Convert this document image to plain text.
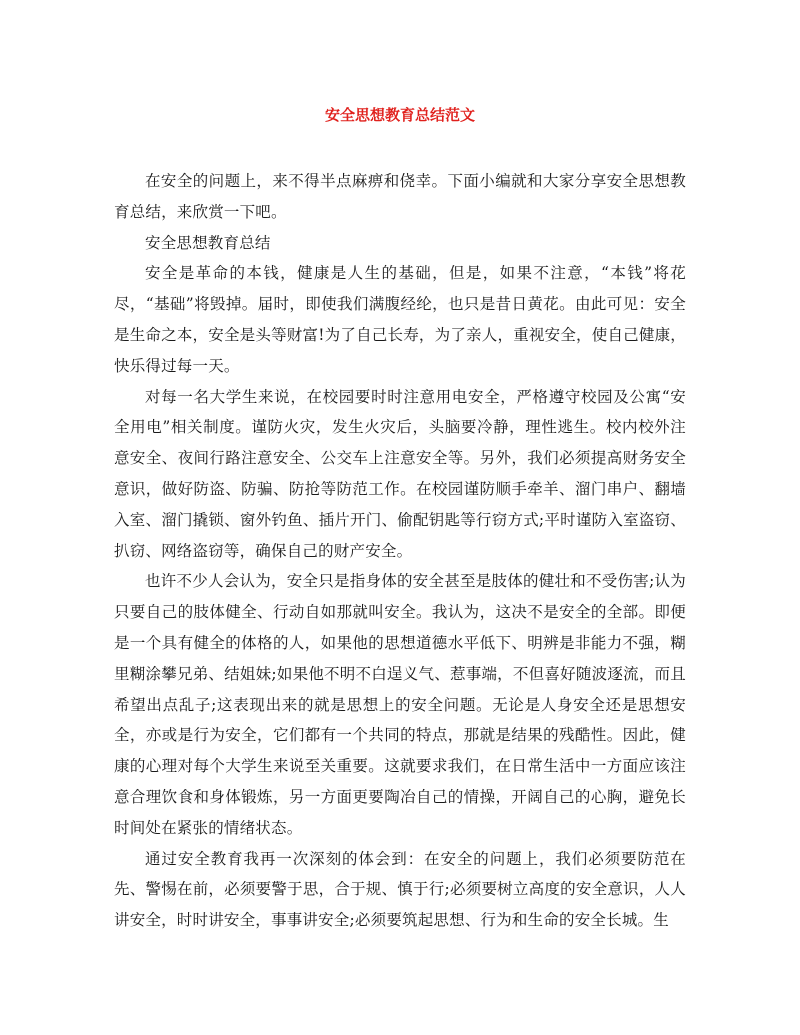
安全思想教育总结范文

在安全的问题上，来不得半点麻痹和侥幸。下面小编就和大家分享安全思想教育总结，来欣赏一下吧。

安全思想教育总结

安全是革命的本钱，健康是人生的基础，但是，如果不注意，“本钱”将花尽，“基础”将毁掉。届时，即使我们满腹经纶，也只是昔日黄花。由此可见：安全是生命之本，安全是头等财富!为了自己长寿，为了亲人，重视安全，使自己健康，快乐得过每一天。

对每一名大学生来说，在校园要时时注意用电安全，严格遵守校园及公寓“安全用电”相关制度。谨防火灾，发生火灾后，头脑要冷静，理性逃生。校内校外注意安全、夜间行路注意安全、公交车上注意安全等。另外，我们必须提高财务安全意识，做好防盗、防骗、防抢等防范工作。在校园谨防顺手牵羊、溜门串户、翻墙入室、溜门撬锁、窗外钓鱼、插片开门、偷配钥匙等行窃方式;平时谨防入室盗窃、扒窃、网络盗窃等，确保自己的财产安全。

也许不少人会认为，安全只是指身体的安全甚至是肢体的健壮和不受伤害;认为只要自己的肢体健全、行动自如那就叫安全。我认为，这决不是安全的全部。即便是一个具有健全的体格的人，如果他的思想道德水平低下、明辨是非能力不强，糊里糊涂攀兄弟、结姐妹;如果他不明不白逞义气、惹事端，不但喜好随波逐流，而且希望出点乱子;这表现出来的就是思想上的安全问题。无论是人身安全还是思想安全，亦或是行为安全，它们都有一个共同的特点，那就是结果的残酷性。因此，健康的心理对每个大学生来说至关重要。这就要求我们，在日常生活中一方面应该注意合理饮食和身体锻炼，另一方面更要陶冶自己的情操，开阔自己的心胸，避免长时间处在紧张的情绪状态。

通过安全教育我再一次深刻的体会到：在安全的问题上，我们必须要防范在先、警惕在前，必须要警于思，合于规、慎于行;必须要树立高度的安全意识，人人讲安全，时时讲安全，事事讲安全;必须要筑起思想、行为和生命的安全长城。生
